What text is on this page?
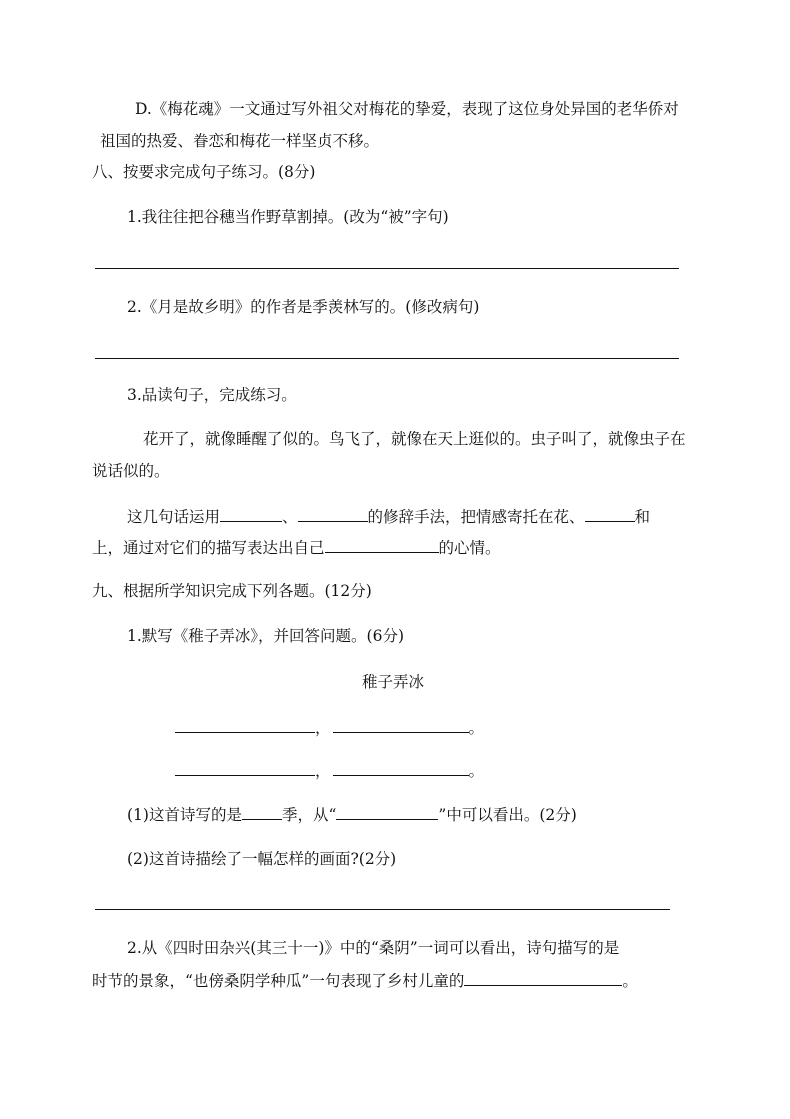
D.《梅花魂》一文通过写外祖父对梅花的挚爱，表现了这位身处异国的老华侨对
祖国的热爱、眷恋和梅花一样坚贞不移。
八、按要求完成句子练习。(8分)
1.我往往把谷穗当作野草割掉。(改为“被”字句)
2.《月是故乡明》的作者是季羡林写的。(修改病句)
3.品读句子，完成练习。
花开了，就像睡醒了似的。鸟飞了，就像在天上逛似的。虫子叫了，就像虫子在
说话似的。
这几句话运用	、	的修辞手法，把情感寄托在花、	和
上，通过对它们的描写表达出自己	的心情。
九、根据所学知识完成下列各题。(12分)
1.默写《稚子弄冰》，并回答问题。(6分)
稚子弄冰
，	。
，	。
(1)这首诗写的是	季，从“	”中可以看出。(2分)
(2)这首诗描绘了一幅怎样的画面?(2分)
2.从《四时田杂兴(其三十一)》中的“桑阴”一词可以看出，诗句描写的是
时节的景象，“也傍桑阴学种瓜”一句表现了乡村儿童的	。
